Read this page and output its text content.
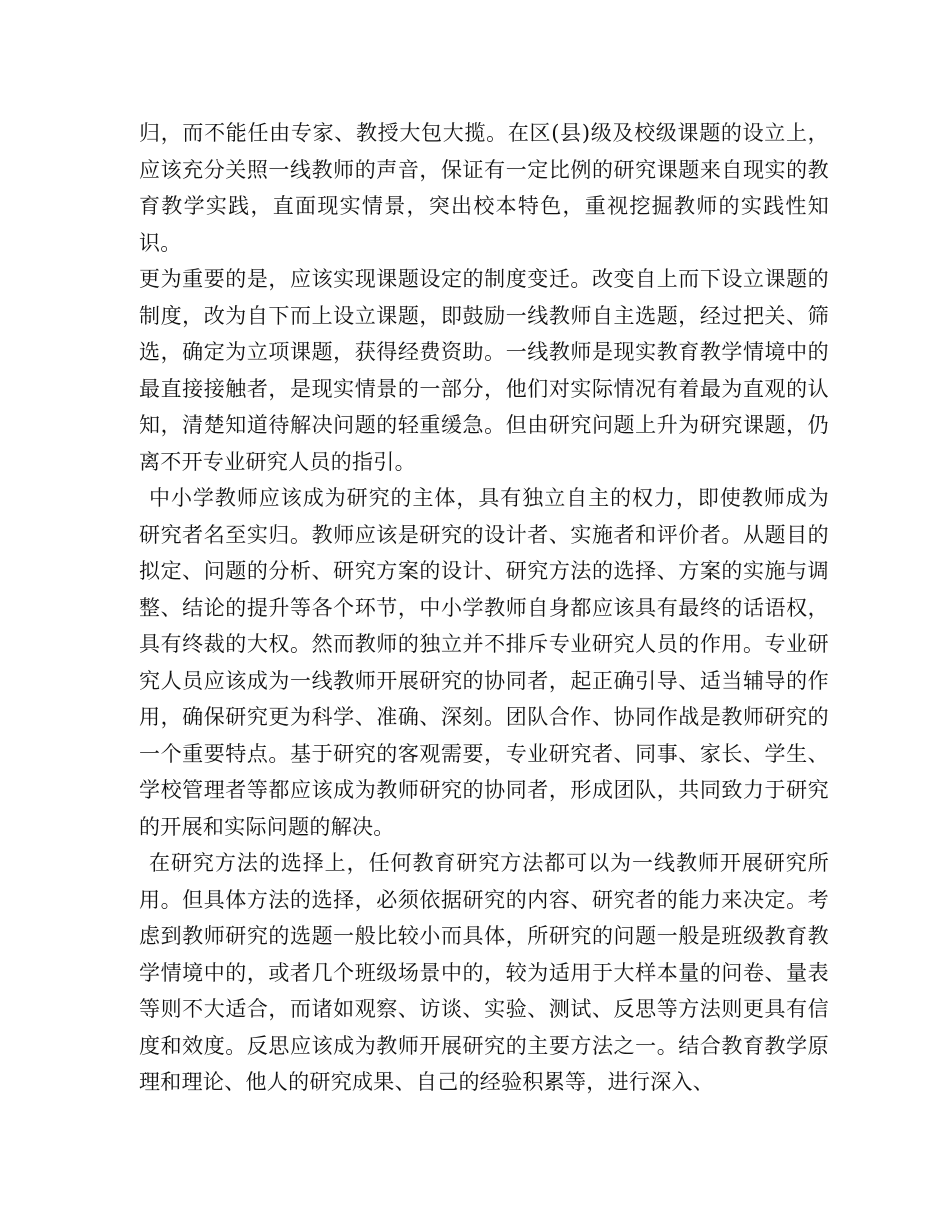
归，而不能任由专家、教授大包大揽。在区(县)级及校级课题的设立上，应该充分关照一线教师的声音，保证有一定比例的研究课题来自现实的教育教学实践，直面现实情景，突出校本特色，重视挖掘教师的实践性知识。

更为重要的是，应该实现课题设定的制度变迁。改变自上而下设立课题的制度，改为自下而上设立课题，即鼓励一线教师自主选题，经过把关、筛选，确定为立项课题，获得经费资助。一线教师是现实教育教学情境中的最直接接触者，是现实情景的一部分，他们对实际情况有着最为直观的认知，清楚知道待解决问题的轻重缓急。但由研究问题上升为研究课题，仍离不开专业研究人员的指引。

中小学教师应该成为研究的主体，具有独立自主的权力，即使教师成为研究者名至实归。教师应该是研究的设计者、实施者和评价者。从题目的拟定、问题的分析、研究方案的设计、研究方法的选择、方案的实施与调整、结论的提升等各个环节，中小学教师自身都应该具有最终的话语权，具有终裁的大权。然而教师的独立并不排斥专业研究人员的作用。专业研究人员应该成为一线教师开展研究的协同者，起正确引导、适当辅导的作用，确保研究更为科学、准确、深刻。团队合作、协同作战是教师研究的一个重要特点。基于研究的客观需要，专业研究者、同事、家长、学生、学校管理者等都应该成为教师研究的协同者，形成团队，共同致力于研究的开展和实际问题的解决。

在研究方法的选择上，任何教育研究方法都可以为一线教师开展研究所用。但具体方法的选择，必须依据研究的内容、研究者的能力来决定。考虑到教师研究的选题一般比较小而具体，所研究的问题一般是班级教育教学情境中的，或者几个班级场景中的，较为适用于大样本量的问卷、量表等则不大适合，而诸如观察、访谈、实验、测试、反思等方法则更具有信度和效度。反思应该成为教师开展研究的主要方法之一。结合教育教学原理和理论、他人的研究成果、自己的经验积累等，进行深入、
